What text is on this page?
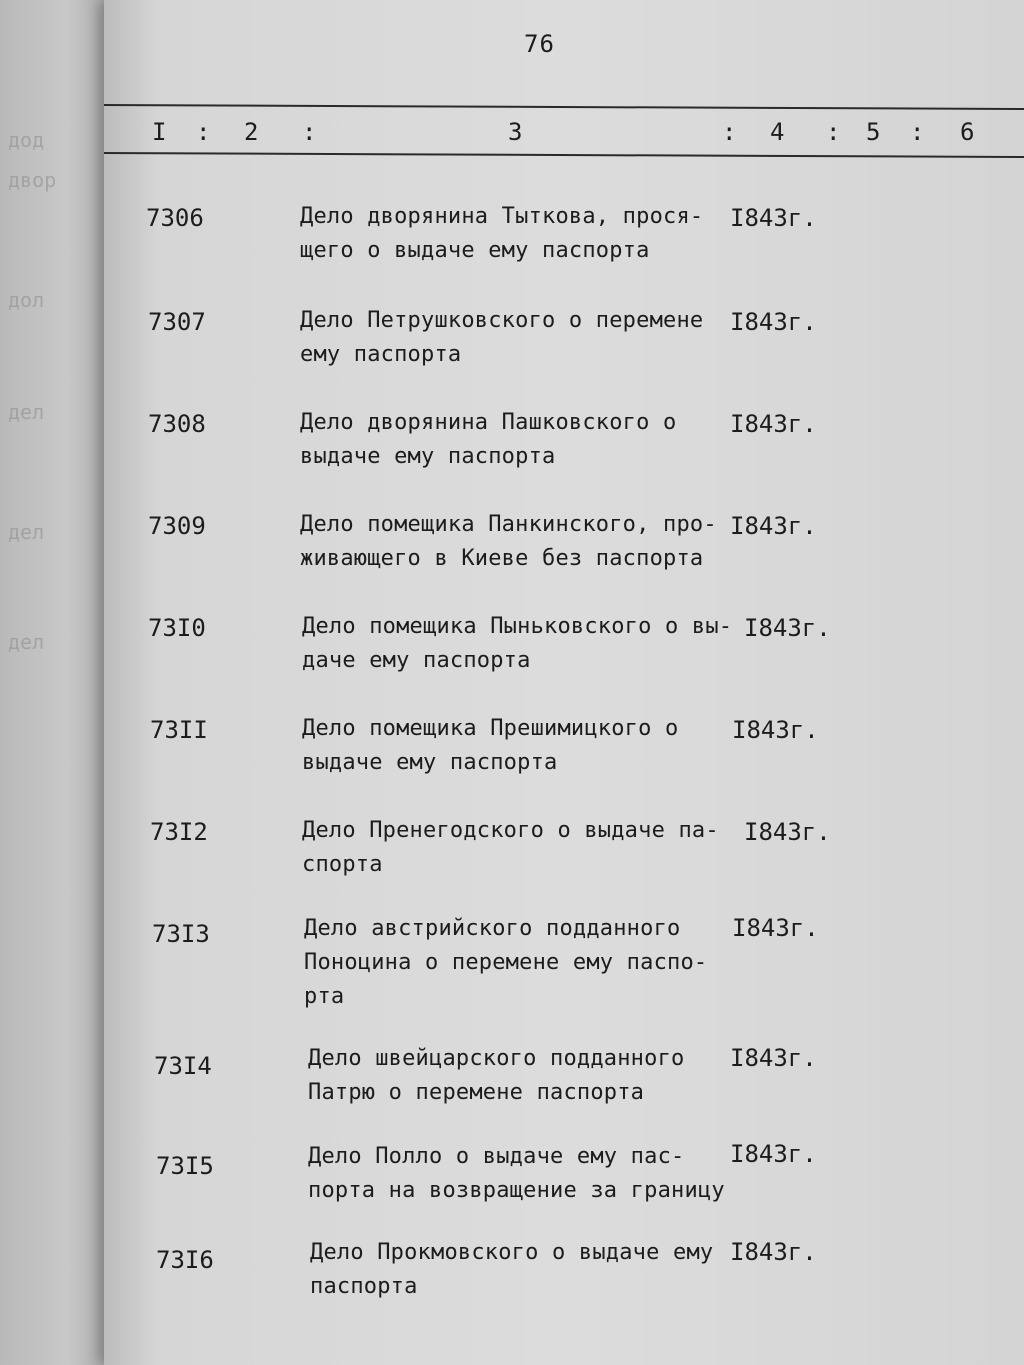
дод
двор
дол
дел
дел
дел
76
I : 2 :	3	: 4 : 5 : 6
7306	Дело дворянина Тыткова, прося-
щего о выдаче ему паспорта
I843г.
7307	Дело Петрушковского о перемене
ему паспорта
I843г.
7308	Дело дворянина Пашковского о
выдаче ему паспорта
I843г.
7309	Дело помещика Панкинского, про-
живающего в Киеве без паспорта
I843г.
73I0	Дело помещика Пыньковского о вы-
даче ему паспорта
I843г.
73II	Дело помещика Прешимицкого о
выдаче ему паспорта
I843г.
73I2	Дело Пренегодского о выдаче па-
спорта
I843г.
73I3	Дело австрийского подданного
Поноцина о перемене ему паспо-
рта
I843г.
73I4	Дело швейцарского подданного
Патрю о перемене паспорта
I843г.
73I5	Дело Полло о выдаче ему пас-
порта на возвращение за границу
I843г.
73I6	Дело Прокмовского о выдаче ему
паспорта
I843г.
